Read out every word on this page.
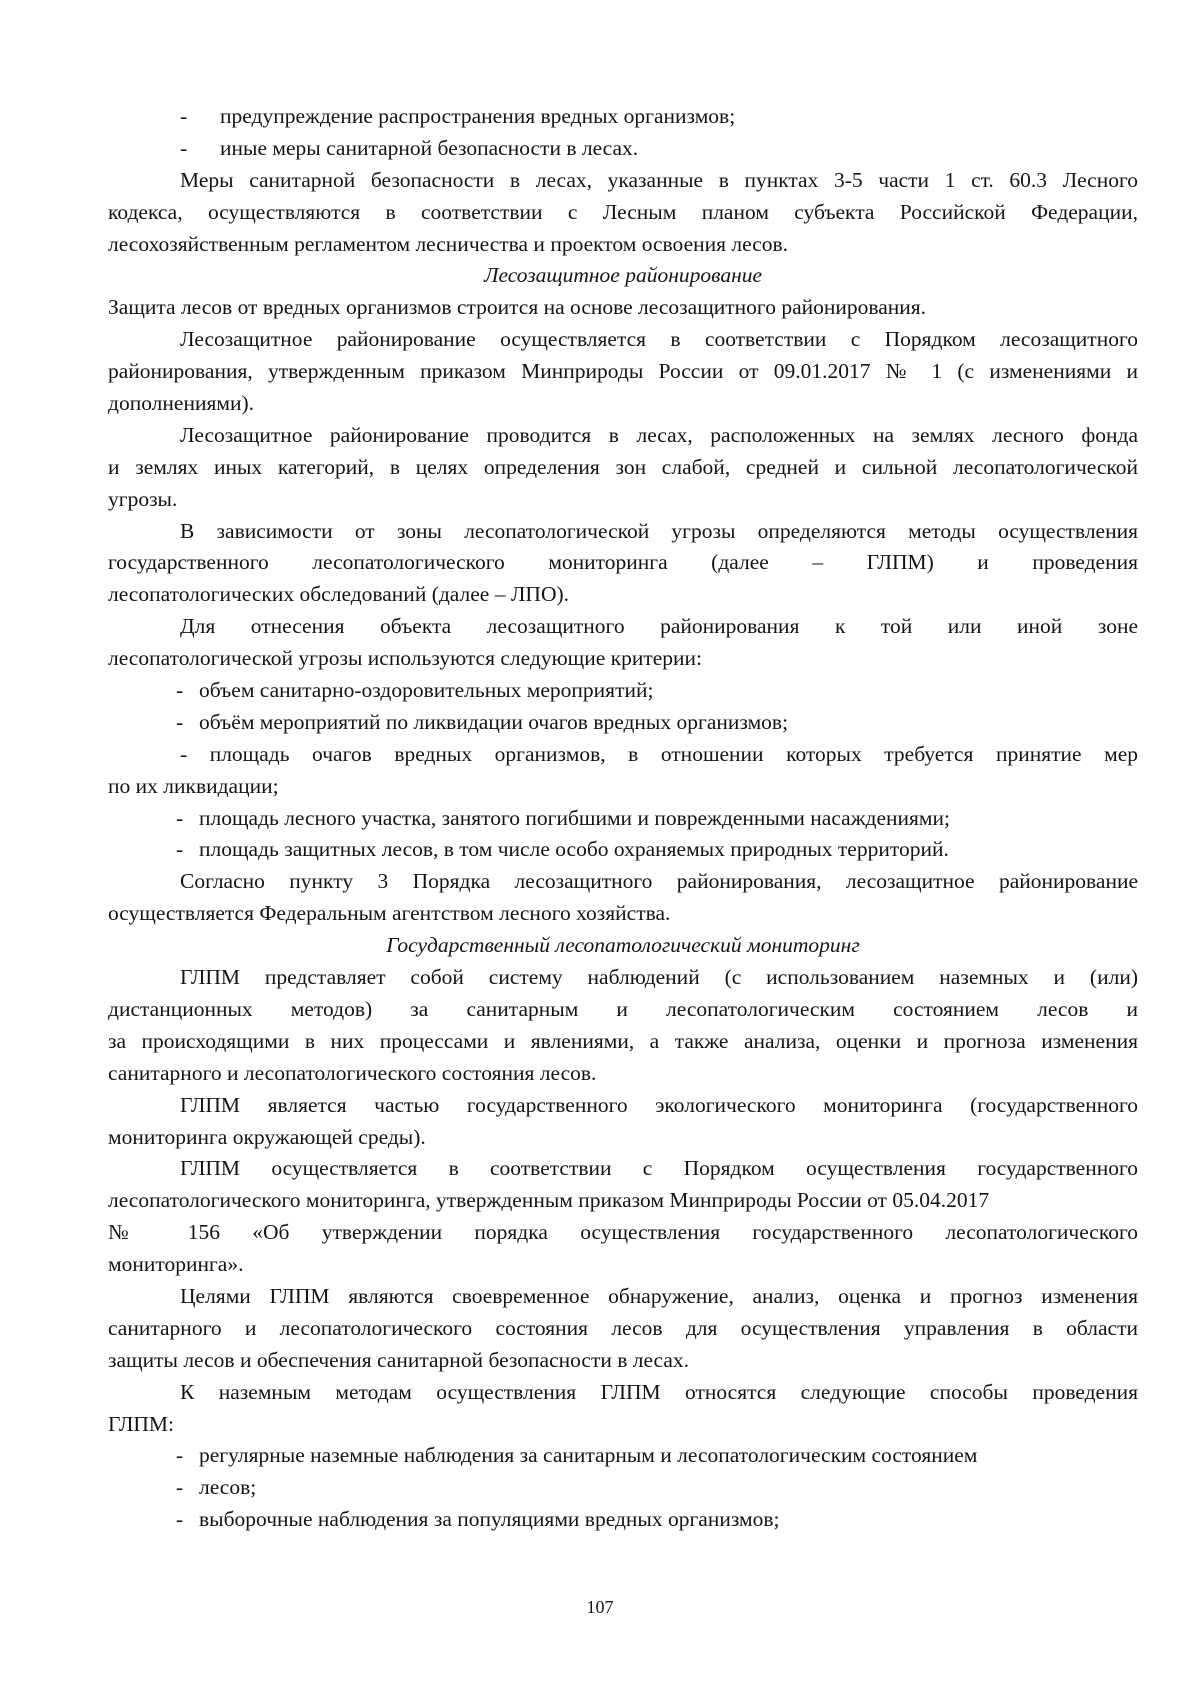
- предупреждение распространения вредных организмов;
- иные меры санитарной безопасности в лесах.
Меры санитарной безопасности в лесах, указанные в пунктах 3-5 части 1 ст. 60.3 Лесного
кодекса, осуществляются в соответствии с Лесным планом субъекта Российской Федерации,
лесохозяйственным регламентом лесничества и проектом освоения лесов.
Лесозащитное районирование
Защита лесов от вредных организмов строится на основе лесозащитного районирования.
Лесозащитное районирование осуществляется в соответствии с Порядком лесозащитного
районирования, утвержденным приказом Минприроды России от 09.01.2017 № 1 (с изменениями и
дополнениями).
Лесозащитное районирование проводится в лесах, расположенных на землях лесного фонда
и землях иных категорий, в целях определения зон слабой, средней и сильной лесопатологической
угрозы.
В зависимости от зоны лесопатологической угрозы определяются методы осуществления
государственного лесопатологического мониторинга (далее – ГЛПМ) и проведения
лесопатологических обследований (далее – ЛПО).
Для отнесения объекта лесозащитного районирования к той или иной зоне
лесопатологической угрозы используются следующие критерии:
- объем санитарно-оздоровительных мероприятий;
- объём мероприятий по ликвидации очагов вредных организмов;
- площадь очагов вредных организмов, в отношении которых требуется принятие мер
по их ликвидации;
- площадь лесного участка, занятого погибшими и поврежденными насаждениями;
- площадь защитных лесов, в том числе особо охраняемых природных территорий.
Согласно пункту 3 Порядка лесозащитного районирования, лесозащитное районирование
осуществляется Федеральным агентством лесного хозяйства.
Государственный лесопатологический мониторинг
ГЛПМ представляет собой систему наблюдений (с использованием наземных и (или)
дистанционных методов) за санитарным и лесопатологическим состоянием лесов и
за происходящими в них процессами и явлениями, а также анализа, оценки и прогноза изменения
санитарного и лесопатологического состояния лесов.
ГЛПМ является частью государственного экологического мониторинга (государственного
мониторинга окружающей среды).
ГЛПМ осуществляется в соответствии с Порядком осуществления государственного
лесопатологического мониторинга, утвержденным приказом Минприроды России от 05.04.2017
№ 156 «Об утверждении порядка осуществления государственного лесопатологического
мониторинга».
Целями ГЛПМ являются своевременное обнаружение, анализ, оценка и прогноз изменения
санитарного и лесопатологического состояния лесов для осуществления управления в области
защиты лесов и обеспечения санитарной безопасности в лесах.
К наземным методам осуществления ГЛПМ относятся следующие способы проведения
ГЛПМ:
- регулярные наземные наблюдения за санитарным и лесопатологическим состоянием
- лесов;
- выборочные наблюдения за популяциями вредных организмов;
107
